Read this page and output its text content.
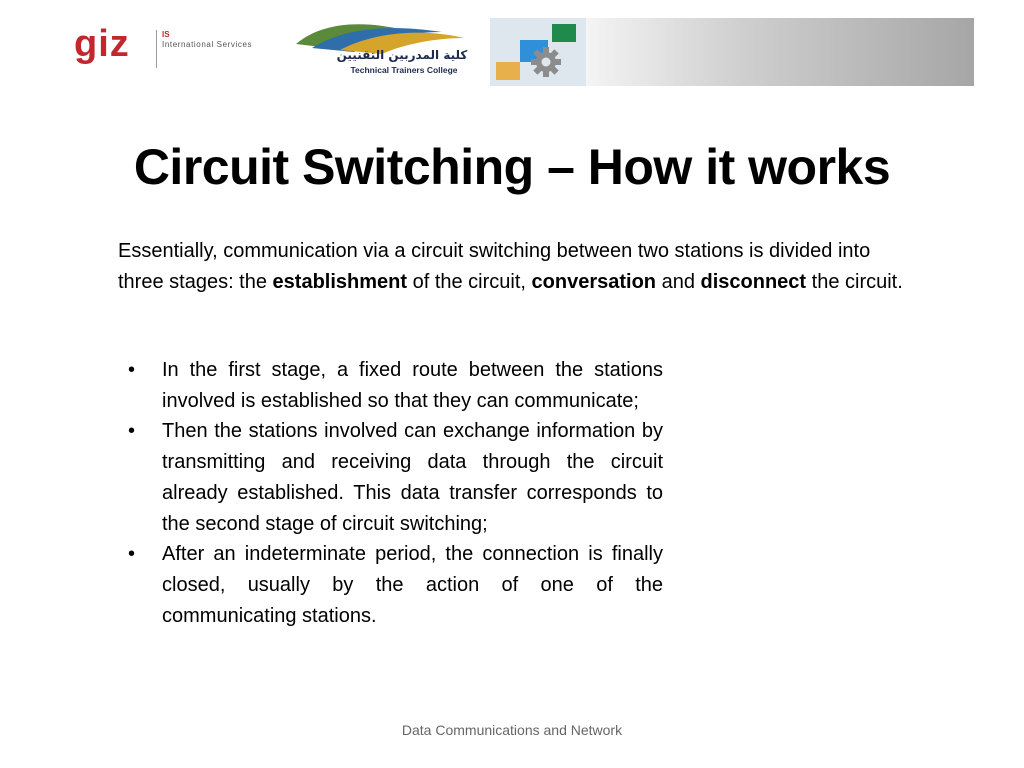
giz	IS
International Services
كلية المدربين التقنيين
Technical Trainers College
Circuit Switching – How it works
Essentially, communication via a circuit switching between two stations is divided into three stages: the establishment of the circuit, conversation and disconnect the circuit.
•	In the first stage, a fixed route between the stations involved is established so that they can communicate;
•	Then the stations involved can exchange information by transmitting and receiving data through the circuit already established. This data transfer corresponds to the second stage of circuit switching;
•	After an indeterminate period, the connection is finally closed, usually by the action of one of the communicating stations.
Data Communications and Network
